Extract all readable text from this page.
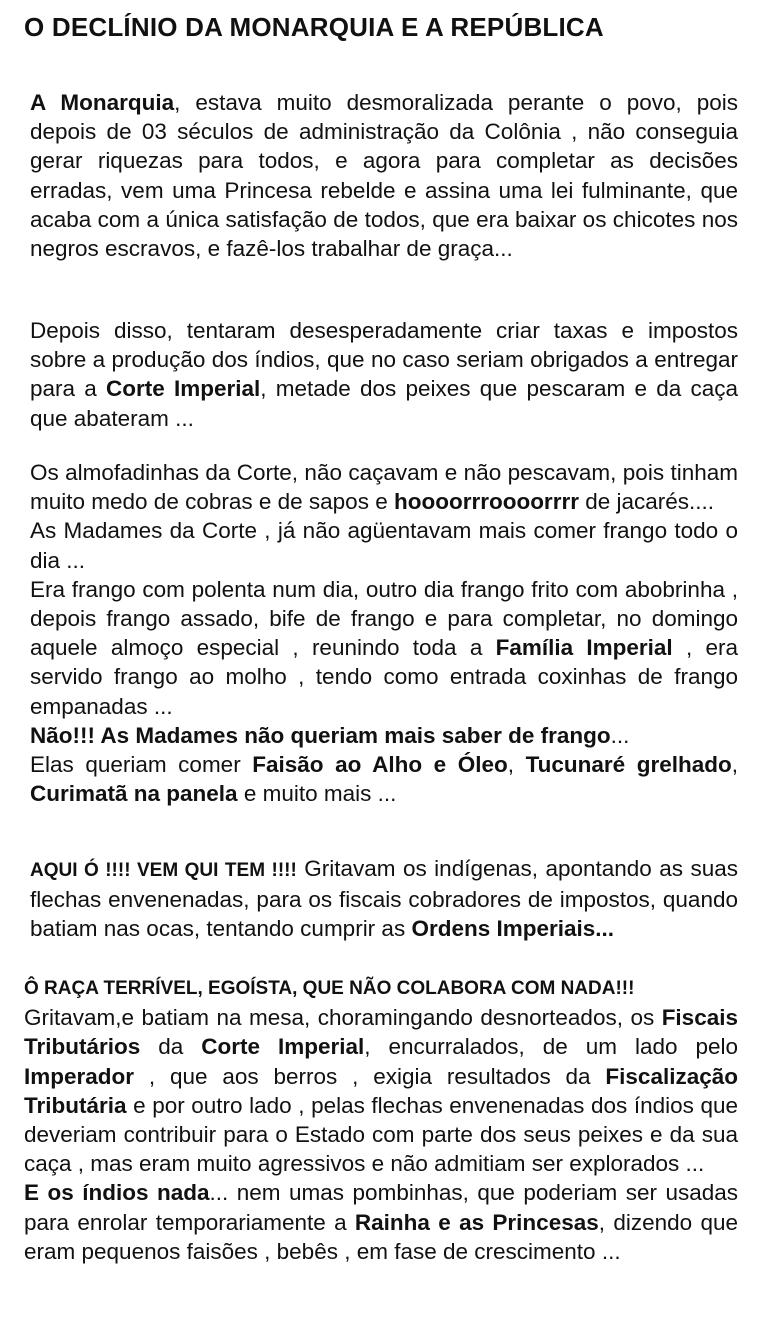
O DECLÍNIO DA MONARQUIA E A REPÚBLICA

A Monarquia, estava muito desmoralizada perante o povo, pois depois de 03 séculos de administração da Colônia , não conseguia gerar riquezas para todos, e agora para completar as decisões erradas, vem uma Princesa rebelde e assina uma lei fulminante, que acaba com a única satisfação de todos, que era baixar os chicotes nos negros escravos, e fazê-los trabalhar de graça...

Depois disso, tentaram desesperadamente criar taxas e impostos sobre a produção dos índios, que no caso seriam obrigados a entregar para a Corte Imperial, metade dos peixes que pescaram e da caça que abateram ...

Os almofadinhas da Corte, não caçavam e não pescavam, pois tinham muito medo de cobras e de sapos e hoooorrroooorrrr de jacarés....

As Madames da Corte , já não agüentavam mais comer frango todo o dia ...

Era frango com polenta num dia, outro dia frango frito com abobrinha , depois frango assado, bife de frango e para completar, no domingo aquele almoço especial , reunindo toda a Família Imperial , era servido frango ao molho , tendo como entrada coxinhas de frango empanadas ...

Não!!! As Madames não queriam mais saber de frango...

Elas queriam comer Faisão ao Alho e Óleo, Tucunaré grelhado, Curimatã na panela e muito mais ...

AQUI Ó !!!! VEM QUI TEM !!!! Gritavam os indígenas, apontando as suas flechas envenenadas, para os fiscais cobradores de impostos, quando batiam nas ocas, tentando cumprir as Ordens Imperiais...

Ô RAÇA TERRÍVEL, EGOÍSTA, QUE NÃO COLABORA COM NADA!!!

Gritavam,e batiam na mesa, choramingando desnorteados, os Fiscais Tributários da Corte Imperial, encurralados, de um lado pelo Imperador , que aos berros , exigia resultados da Fiscalização Tributária e por outro lado , pelas flechas envenenadas dos índios que deveriam contribuir para o Estado com parte dos seus peixes e da sua caça , mas eram muito agressivos e não admitiam ser explorados ...

E os índios nada... nem umas pombinhas, que poderiam ser usadas para enrolar temporariamente a Rainha e as Princesas, dizendo que eram pequenos faisões , bebês , em fase de crescimento ...
